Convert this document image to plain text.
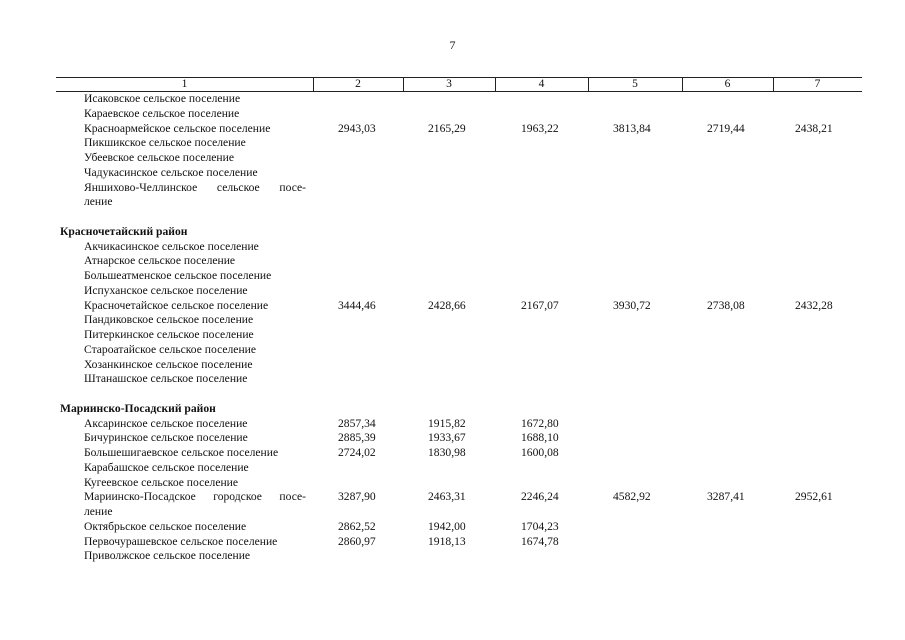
7
1	2	3	4	5	6	7
Исаковское сельское поселение
Караевское сельское поселение
Красноармейское сельское поселение	2943,03	2165,29	1963,22	3813,84	2719,44	2438,21
Пикшикское сельское поселение
Убеевское сельское поселение
Чадукасинское сельское поселение
Яншихово-Челлинское сельское посе-
ление
Красночетайский район
Акчикасинское сельское поселение
Атнарское сельское поселение
Большеатменское сельское поселение
Испуханское сельское поселение
Красночетайское сельское поселение	3444,46	2428,66	2167,07	3930,72	2738,08	2432,28
Пандиковское сельское поселение
Питеркинское сельское поселение
Староатайское сельское поселение
Хозанкинское сельское поселение
Штанашское сельское поселение
Мариинско-Посадский район
Аксаринское сельское поселение	2857,34	1915,82	1672,80
Бичуринское сельское поселение	2885,39	1933,67	1688,10
Большешигаевское сельское поселение	2724,02	1830,98	1600,08
Карабашское сельское поселение
Кугеевское сельское поселение
Мариинско-Посадское городское посе-	3287,90	2463,31	2246,24	4582,92	3287,41	2952,61
ление
Октябрьское сельское поселение	2862,52	1942,00	1704,23
Первочурашевское сельское поселение	2860,97	1918,13	1674,78
Приволжское сельское поселение
